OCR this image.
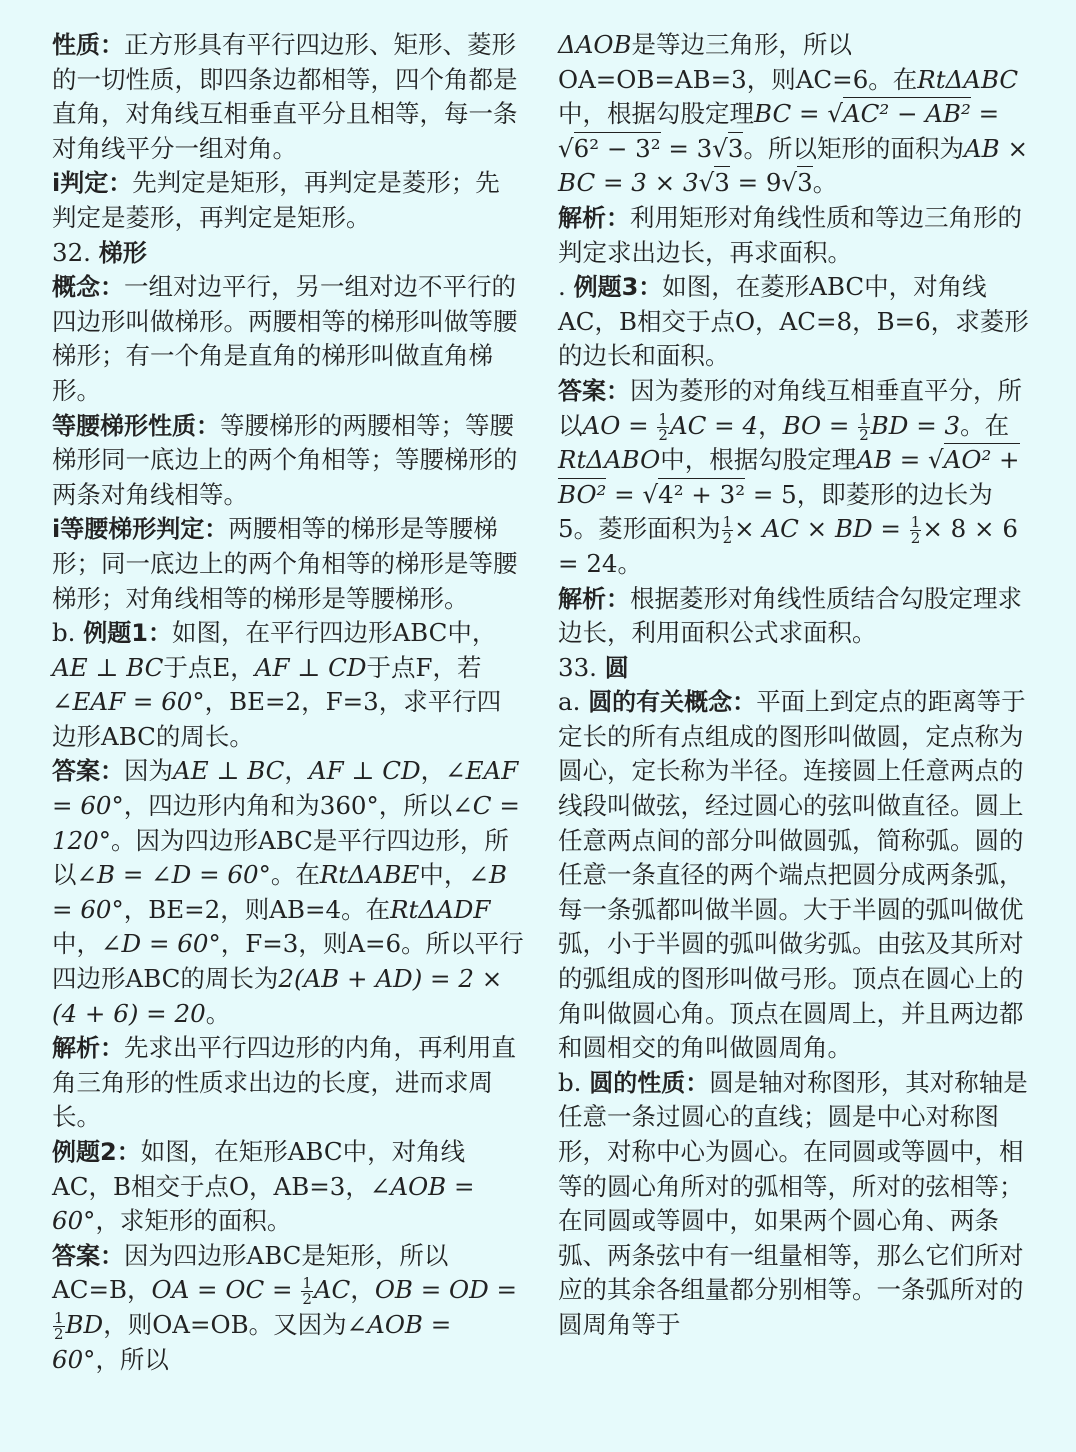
性质：正方形具有平行四边形、矩形、菱形的一切性质，即四条边都相等，四个角都是直角，对角线互相垂直平分且相等，每一条对角线平分一组对角。

i判定：先判定是矩形，再判定是菱形；先判定是菱形，再判定是矩形。

32. 梯形

概念：一组对边平行，另一组对边不平行的四边形叫做梯形。两腰相等的梯形叫做等腰梯形；有一个角是直角的梯形叫做直角梯形。

等腰梯形性质：等腰梯形的两腰相等；等腰梯形同一底边上的两个角相等；等腰梯形的两条对角线相等。

i等腰梯形判定：两腰相等的梯形是等腰梯形；同一底边上的两个角相等的梯形是等腰梯形；对角线相等的梯形是等腰梯形。

b. 例题1：如图，在平行四边形ABC中，AE ⊥ BC于点E，AF ⊥ CD于点F，若∠EAF = 60°，BE=2，F=3，求平行四边形ABC的周长。

答案：因为AE ⊥ BC，AF ⊥ CD，∠EAF = 60°，四边形内角和为360°，所以∠C = 120°。因为四边形ABC是平行四边形，所以∠B = ∠D = 60°。在RtΔABE中，∠B = 60°，BE=2，则AB=4。在RtΔADF中，∠D = 60°，F=3，则A=6。所以平行四边形ABC的周长为2(AB + AD) = 2 × (4 + 6) = 20。

解析：先求出平行四边形的内角，再利用直角三角形的性质求出边的长度，进而求周长。

例题2：如图，在矩形ABC中，对角线AC，B相交于点O，AB=3，∠AOB = 60°，求矩形的面积。

答案：因为四边形ABC是矩形，所以AC=B，OA = OC = $\frac{1}{2}$ AC，OB = OD =
$\frac{1}{2}$ BD，则OA=OB。又因为∠AOB = 60°，所以

ΔAOB是等边三角形，所以OA=OB=AB=3，则AC=6。在RtΔABC中，根据勾股定理BC = √AC² − AB² = √6² − 3² = 3√3。所以矩形的面积为AB × BC = 3 × 3√3 = 9√3。

解析：利用矩形对角线性质和等边三角形的判定求出边长，再求面积。

. 例题3：如图，在菱形ABC中，对角线AC，B相交于点O，AC=8，B=6，求菱形的边长和面积。

答案：因为菱形的对角线互相垂直平分，所以AO = $\frac{1}{2}$ AC = 4，BO = $\frac{1}{2}$ BD = 3。在RtΔABO中，根据勾股定理AB = √AO² + BO² = √4² + 3² = 5，即菱形的边长为5。菱形面积为 $\frac{1}{2}$ × AC × BD = $\frac{1}{2} \times 8 \times 6 = 24$。

解析：根据菱形对角线性质结合勾股定理求边长，利用面积公式求面积。

33. 圆

a. 圆的有关概念：平面上到定点的距离等于定长的所有点组成的图形叫做圆，定点称为圆心，定长称为半径。连接圆上任意两点的线段叫做弦，经过圆心的弦叫做直径。圆上任意两点间的部分叫做圆弧，简称弧。圆的任意一条直径的两个端点把圆分成两条弧，每一条弧都叫做半圆。大于半圆的弧叫做优弧，小于半圆的弧叫做劣弧。由弦及其所对的弧组成的图形叫做弓形。顶点在圆心上的角叫做圆心角。顶点在圆周上，并且两边都和圆相交的角叫做圆周角。

b. 圆的性质：圆是轴对称图形，其对称轴是任意一条过圆心的直线；圆是中心对称图形，对称中心为圆心。在同圆或等圆中，相等的圆心角所对的弧相等，所对的弦相等；在同圆或等圆中，如果两个圆心角、两条弧、两条弦中有一组量相等，那么它们所对应的其余各组量都分别相等。一条弧所对的圆周角等于
